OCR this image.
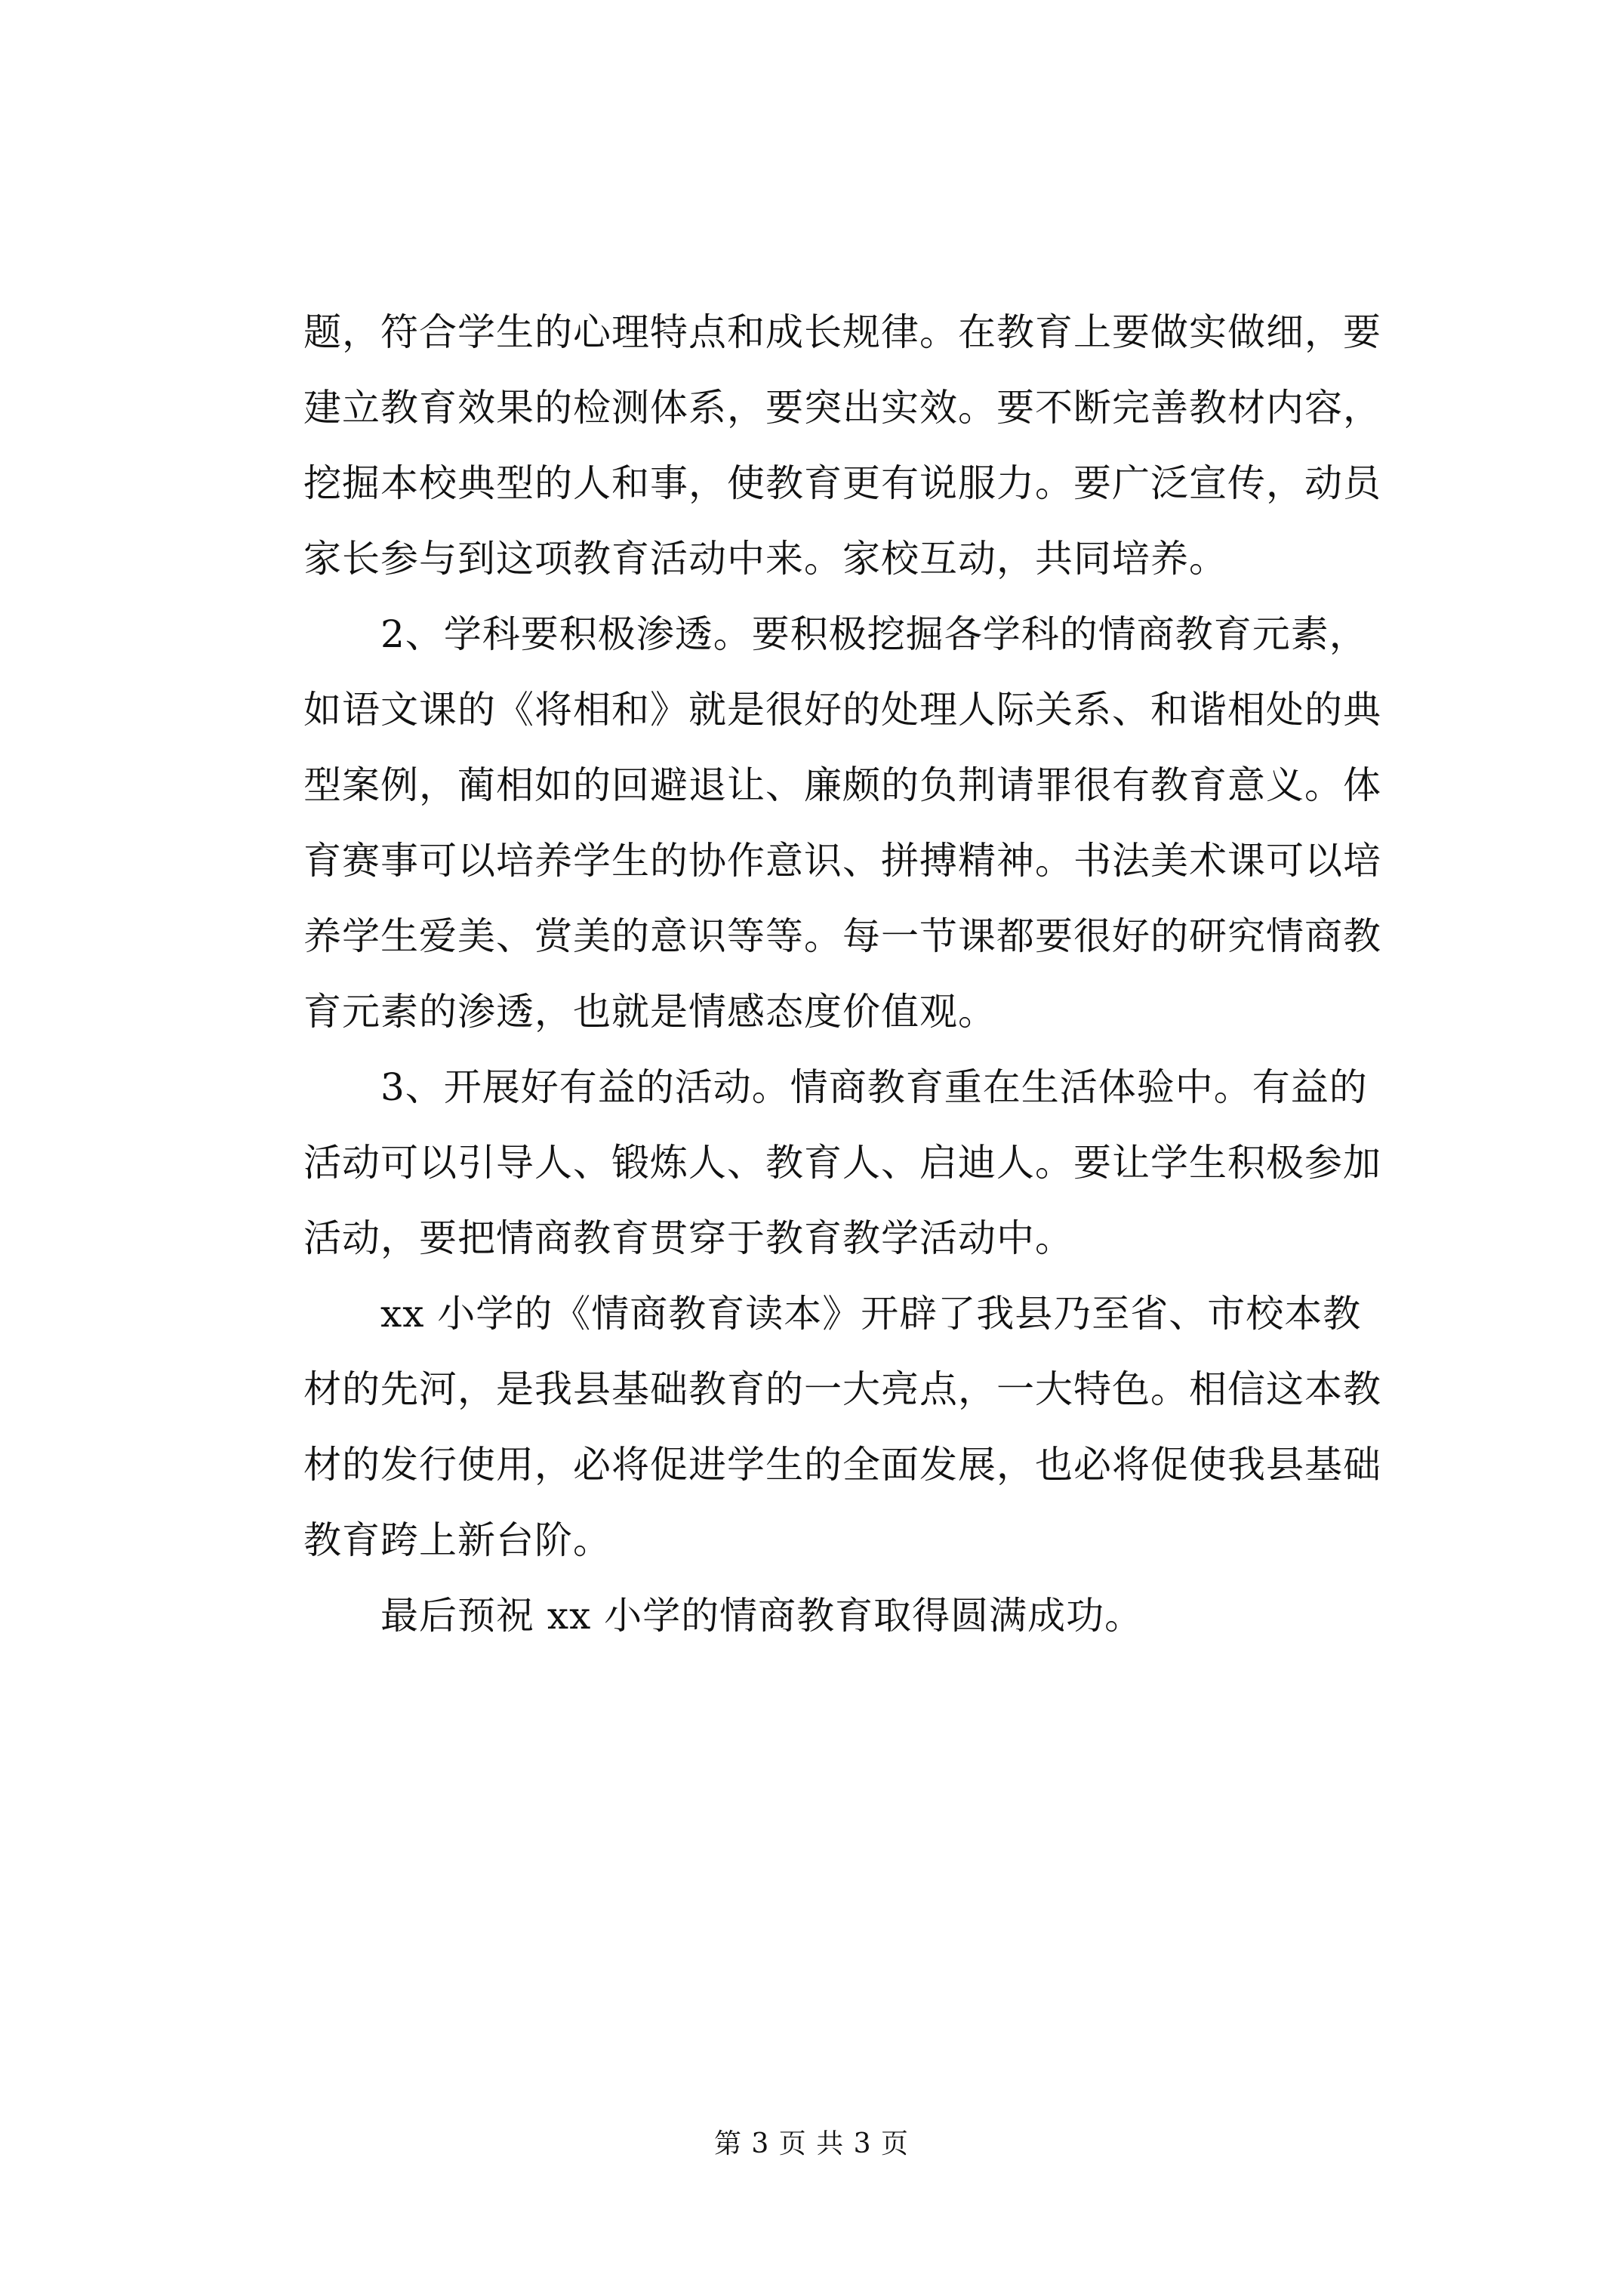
题，符合学生的心理特点和成长规律。在教育上要做实做细，要
建立教育效果的检测体系，要突出实效。要不断完善教材内容，
挖掘本校典型的人和事，使教育更有说服力。要广泛宣传，动员
家长参与到这项教育活动中来。家校互动，共同培养。
　　2、学科要积极渗透。要积极挖掘各学科的情商教育元素，
如语文课的《将相和》就是很好的处理人际关系、和谐相处的典
型案例，蔺相如的回避退让、廉颇的负荆请罪很有教育意义。体
育赛事可以培养学生的协作意识、拼搏精神。书法美术课可以培
养学生爱美、赏美的意识等等。每一节课都要很好的研究情商教
育元素的渗透，也就是情感态度价值观。
　　3、开展好有益的活动。情商教育重在生活体验中。有益的
活动可以引导人、锻炼人、教育人、启迪人。要让学生积极参加
活动，要把情商教育贯穿于教育教学活动中。
　　xx 小学的《情商教育读本》开辟了我县乃至省、市校本教
材的先河，是我县基础教育的一大亮点，一大特色。相信这本教
材的发行使用，必将促进学生的全面发展，也必将促使我县基础
教育跨上新台阶。
　　最后预祝 xx 小学的情商教育取得圆满成功。
第 3 页 共 3 页
